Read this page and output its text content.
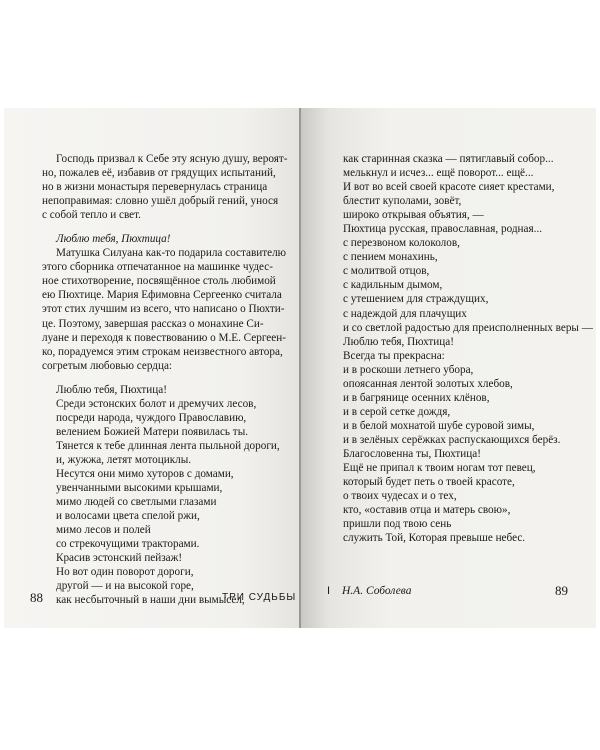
Господь призвал к Себе эту ясную душу, вероят-
но, пожалев её, избавив от грядущих испытаний,
но в жизни монастыря перевернулась страница
непоправимая: словно ушёл добрый гений, унося
с собой тепло и свет.
Люблю тебя, Пюхтица!
Матушка Силуана как-то подарила составителю
этого сборника отпечатанное на машинке чудес-
ное стихотворение, посвящённое столь любимой
ею Пюхтице. Мария Ефимовна Сергеенко считала
этот стих лучшим из всего, что написано о Пюхти-
це. Поэтому, завершая рассказ о монахине Си-
луане и переходя к повествованию о М.Е. Сергеен-
ко, порадуемся этим строкам неизвестного автора,
согретым любовью сердца:
Люблю тебя, Пюхтица!
Среди эстонских болот и дремучих лесов,
посреди народа, чуждого Православию,
велением Божией Матери появилась ты.
Тянется к тебе длинная лента пыльной дороги,
и, жужжа, летят мотоциклы.
Несутся они мимо хуторов с домами,
увенчанными высокими крышами,
мимо людей со светлыми глазами
и волосами цвета спелой ржи,
мимо лесов и полей
со стрекочущими тракторами.
Красив эстонский пейзаж!
Но вот один поворот дороги,
другой — и на высокой горе,
как несбыточный в наши дни вымысел,
как старинная сказка — пятиглавый собор...
мелькнул и исчез... ещё поворот... ещё...
И вот во всей своей красоте сияет крестами,
блестит куполами, зовёт,
широко открывая объятия, —
Пюхтица русская, православная, родная...
с перезвоном колоколов,
с пением монахинь,
с молитвой отцов,
с кадильным дымом,
с утешением для страждущих,
с надеждой для плачущих
и со светлой радостью для преисполненных веры —
Люблю тебя, Пюхтица!
Всегда ты прекрасна:
и в роскоши летнего убора,
опоясанная лентой золотых хлебов,
и в багрянице осенних клёнов,
и в серой сетке дождя,
и в белой мохнатой шубе суровой зимы,
и в зелёных серёжках распускающихся берёз.
Благословенна ты, Пюхтица!
Ещё не припал к твоим ногам тот певец,
который будет петь о твоей красоте,
о твоих чудесах и о тех,
кто, «оставив отца и матерь свою»,
пришли под твою сень
служить Той, Которая превыше небес.
88	ТРИ СУДЬБЫ
I Н.А. Соболева	89
